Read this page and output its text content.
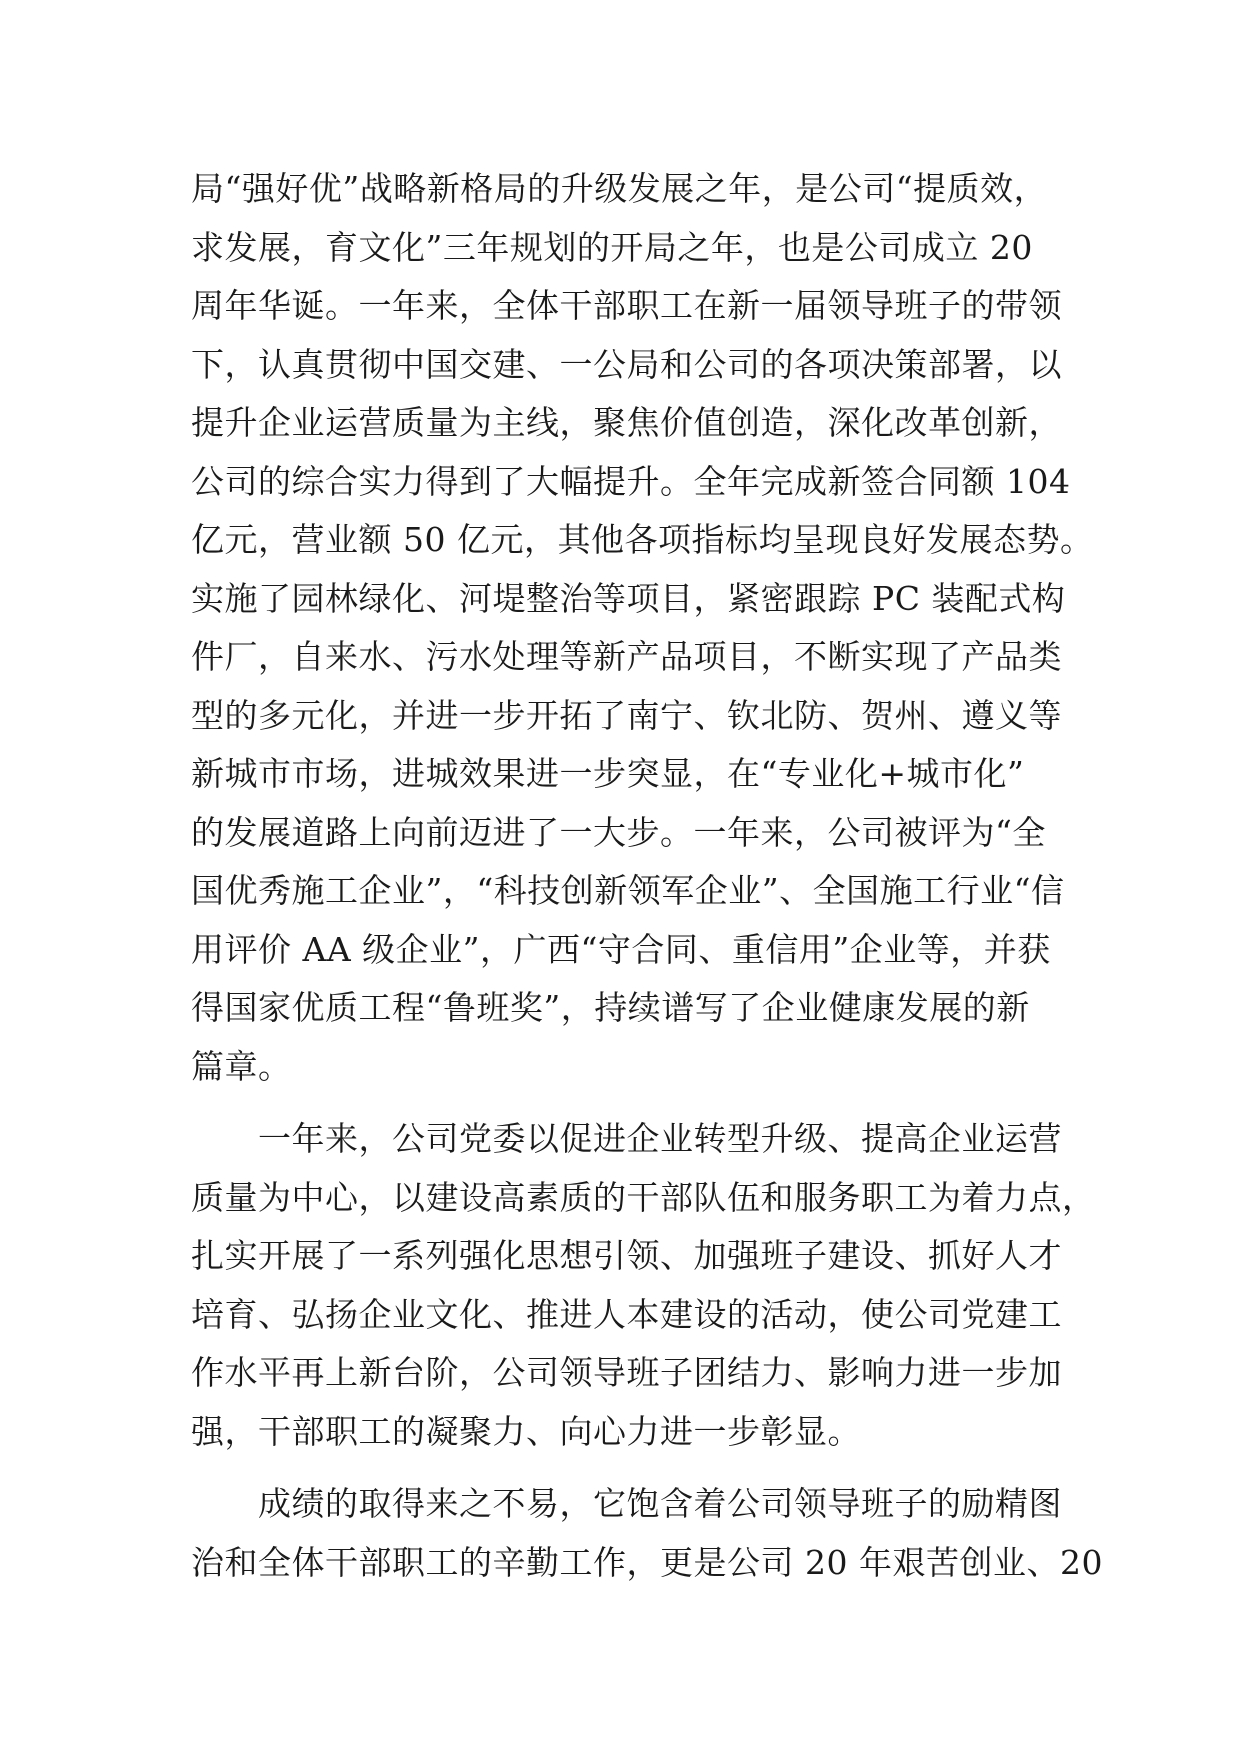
局“强好优”战略新格局的升级发展之年，是公司“提质效，
求发展，育文化”三年规划的开局之年，也是公司成立 20
周年华诞。一年来，全体干部职工在新一届领导班子的带领
下，认真贯彻中国交建、一公局和公司的各项决策部署，以
提升企业运营质量为主线，聚焦价值创造，深化改革创新，
公司的综合实力得到了大幅提升。全年完成新签合同额 104
亿元，营业额 50 亿元，其他各项指标均呈现良好发展态势。
实施了园林绿化、河堤整治等项目，紧密跟踪 PC 装配式构
件厂，自来水、污水处理等新产品项目，不断实现了产品类
型的多元化，并进一步开拓了南宁、钦北防、贺州、遵义等
新城市市场，进城效果进一步突显，在“专业化+城市化”
的发展道路上向前迈进了一大步。一年来，公司被评为“全
国优秀施工企业”，“科技创新领军企业”、全国施工行业“信
用评价 AA 级企业”，广西“守合同、重信用”企业等，并获
得国家优质工程“鲁班奖”，持续谱写了企业健康发展的新
篇章。
　　一年来，公司党委以促进企业转型升级、提高企业运营
质量为中心，以建设高素质的干部队伍和服务职工为着力点，
扎实开展了一系列强化思想引领、加强班子建设、抓好人才
培育、弘扬企业文化、推进人本建设的活动，使公司党建工
作水平再上新台阶，公司领导班子团结力、影响力进一步加
强，干部职工的凝聚力、向心力进一步彰显。
　　成绩的取得来之不易，它饱含着公司领导班子的励精图
治和全体干部职工的辛勤工作，更是公司 20 年艰苦创业、20
